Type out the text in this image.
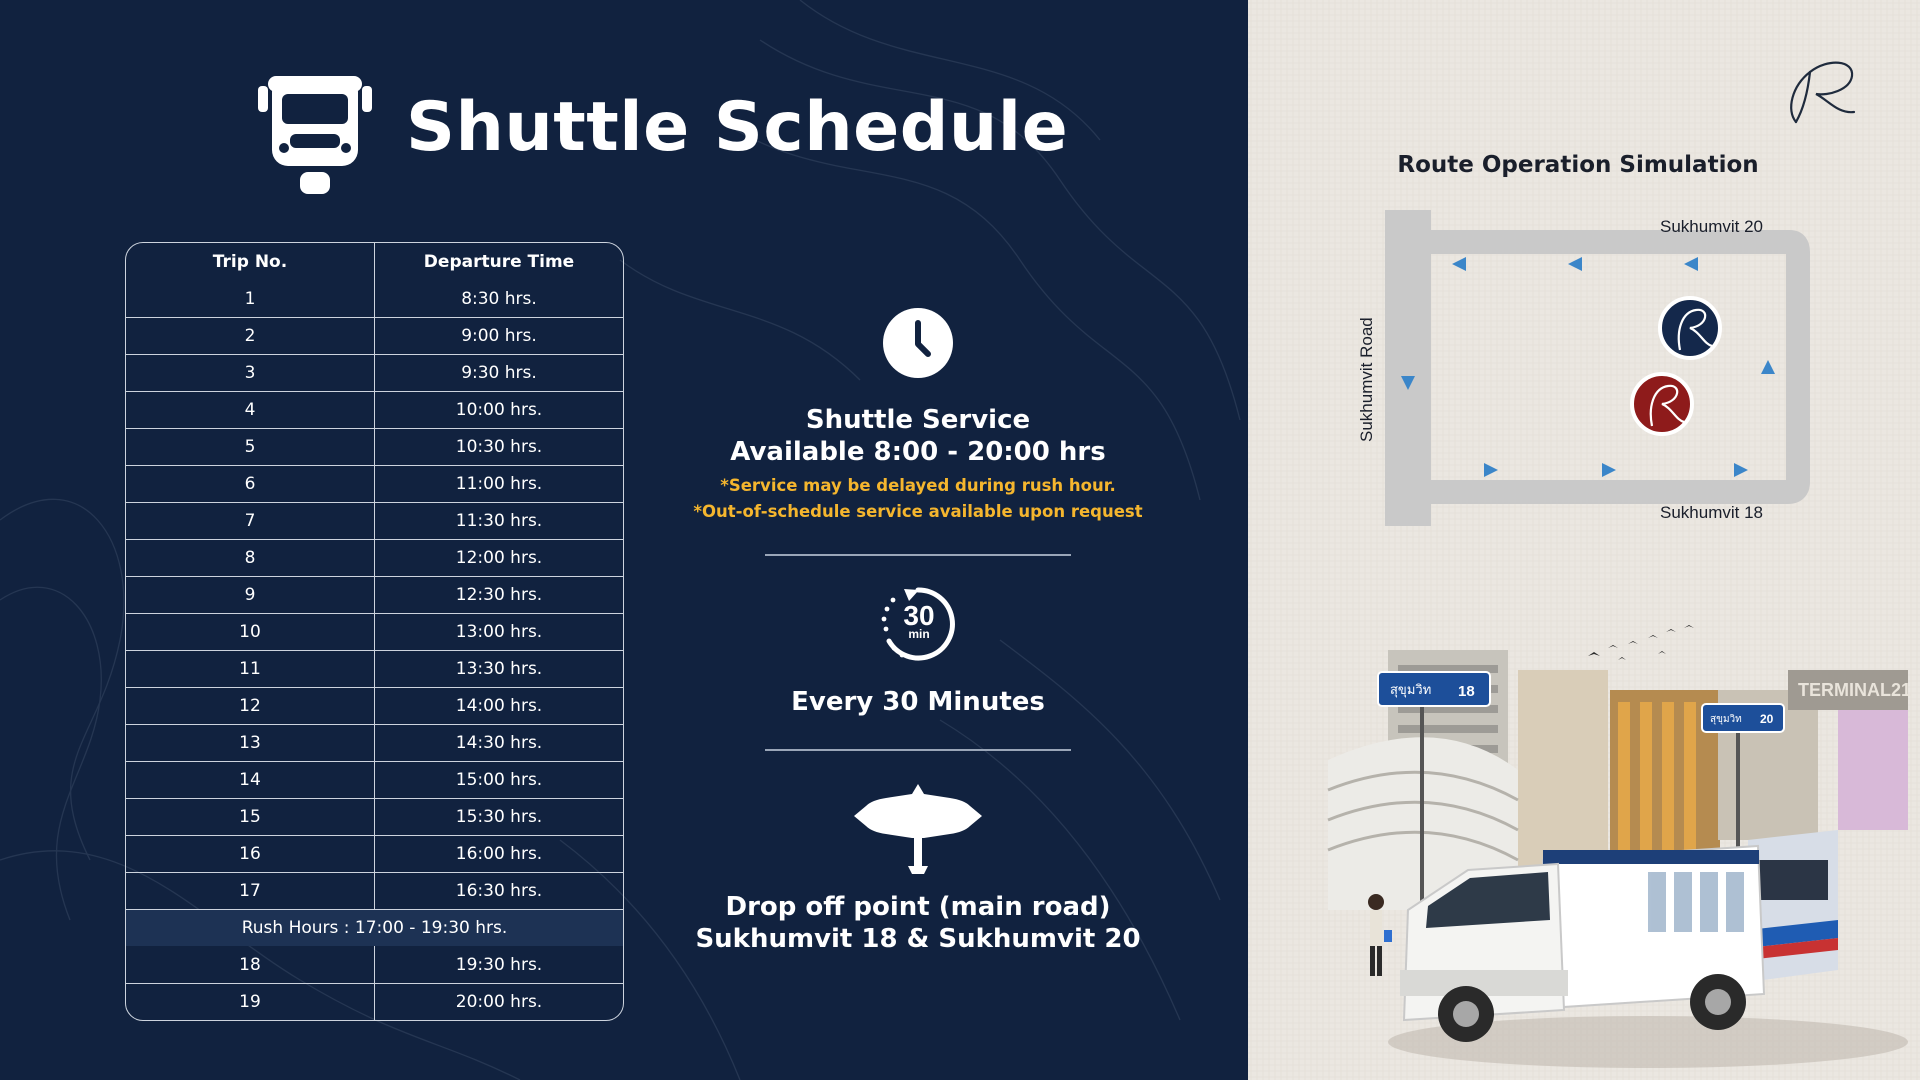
Shuttle Schedule
Trip No.	Departure Time
1	8:30 hrs.
2	9:00 hrs.
3	9:30 hrs.
4	10:00 hrs.
5	10:30 hrs.
6	11:00 hrs.
7	11:30 hrs.
8	12:00 hrs.
9	12:30 hrs.
10	13:00 hrs.
11	13:30 hrs.
12	14:00 hrs.
13	14:30 hrs.
14	15:00 hrs.
15	15:30 hrs.
16	16:00 hrs.
17	16:30 hrs.
Rush Hours : 17:00 - 19:30 hrs.
18	19:30 hrs.
19	20:00 hrs.
Shuttle Service
Available 8:00 - 20:00 hrs
*Service may be delayed during rush hour.
*Out-of-schedule service available upon request
30
min
Every 30 Minutes
Drop off point (main road)
Sukhumvit 18 & Sukhumvit 20
Route Operation Simulation
Sukhumvit 20
Sukhumvit 18
Sukhumvit Road
TERMINAL21
สุขุมวิท 18
สุขุมวิท 20
